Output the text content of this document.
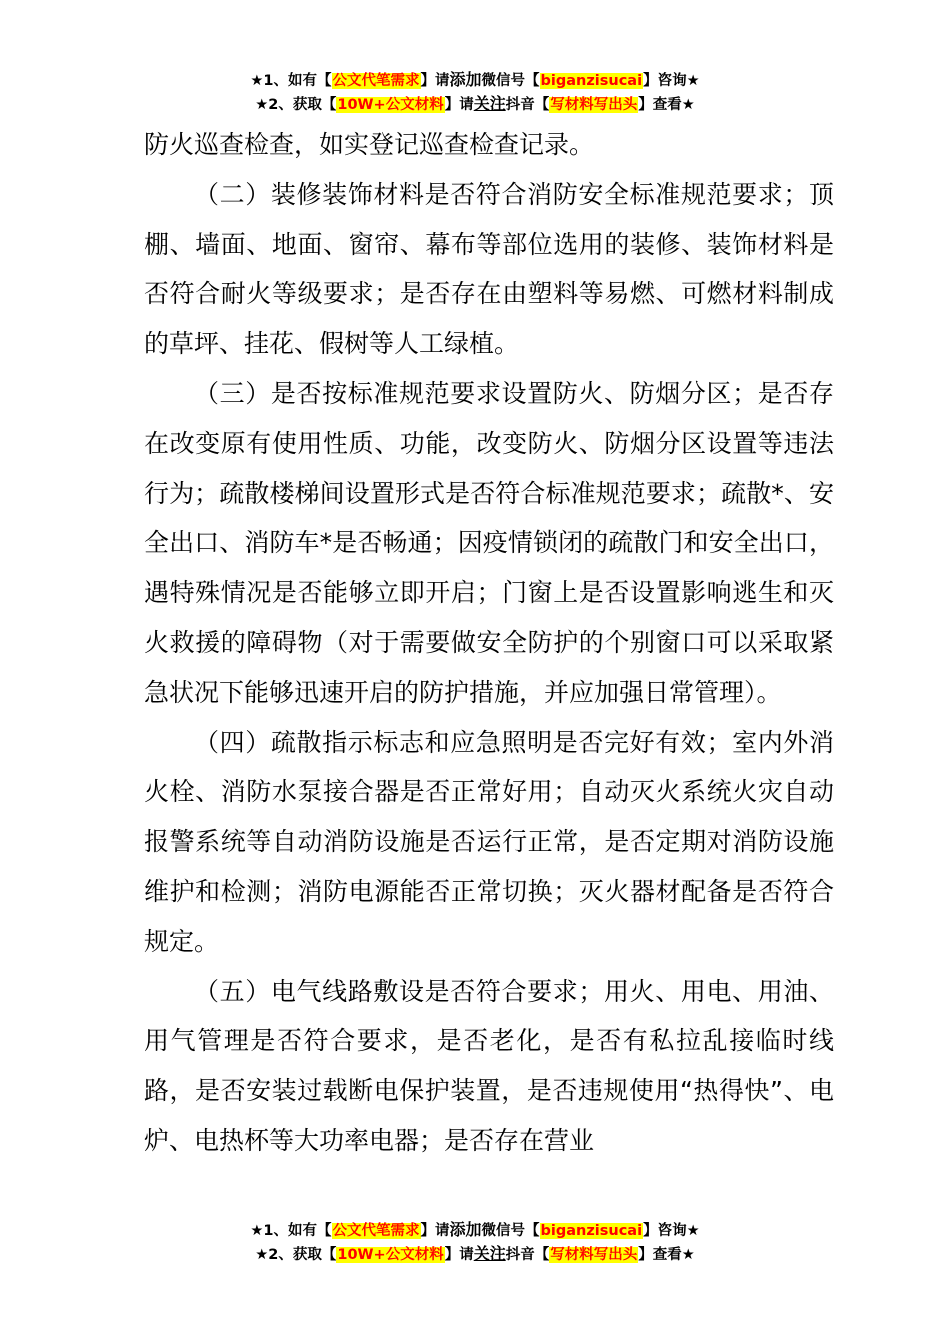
★1、如有【公文代笔需求】请添加微信号【biganzisucai】咨询★
★2、获取【10W+公文材料】请关注抖音【写材料写出头】查看★

防火巡查检查，如实登记巡查检查记录。

（二）装修装饰材料是否符合消防安全标准规范要求；顶棚、墙面、地面、窗帘、幕布等部位选用的装修、装饰材料是否符合耐火等级要求；是否存在由塑料等易燃、可燃材料制成的草坪、挂花、假树等人工绿植。

（三）是否按标准规范要求设置防火、防烟分区；是否存在改变原有使用性质、功能，改变防火、防烟分区设置等违法行为；疏散楼梯间设置形式是否符合标准规范要求；疏散*、安全出口、消防车*是否畅通；因疫情锁闭的疏散门和安全出口，遇特殊情况是否能够立即开启；门窗上是否设置影响逃生和灭火救援的障碍物（对于需要做安全防护的个别窗口可以采取紧急状况下能够迅速开启的防护措施，并应加强日常管理）。

（四）疏散指示标志和应急照明是否完好有效；室内外消火栓、消防水泵接合器是否正常好用；自动灭火系统火灾自动报警系统等自动消防设施是否运行正常，是否定期对消防设施维护和检测；消防电源能否正常切换；灭火器材配备是否符合规定。

（五）电气线路敷设是否符合要求；用火、用电、用油、用气管理是否符合要求，是否老化，是否有私拉乱接临时线路，是否安装过载断电保护装置，是否违规使用“热得快”、电炉、电热杯等大功率电器；是否存在营业

★1、如有【公文代笔需求】请添加微信号【biganzisucai】咨询★
★2、获取【10W+公文材料】请关注抖音【写材料写出头】查看★
